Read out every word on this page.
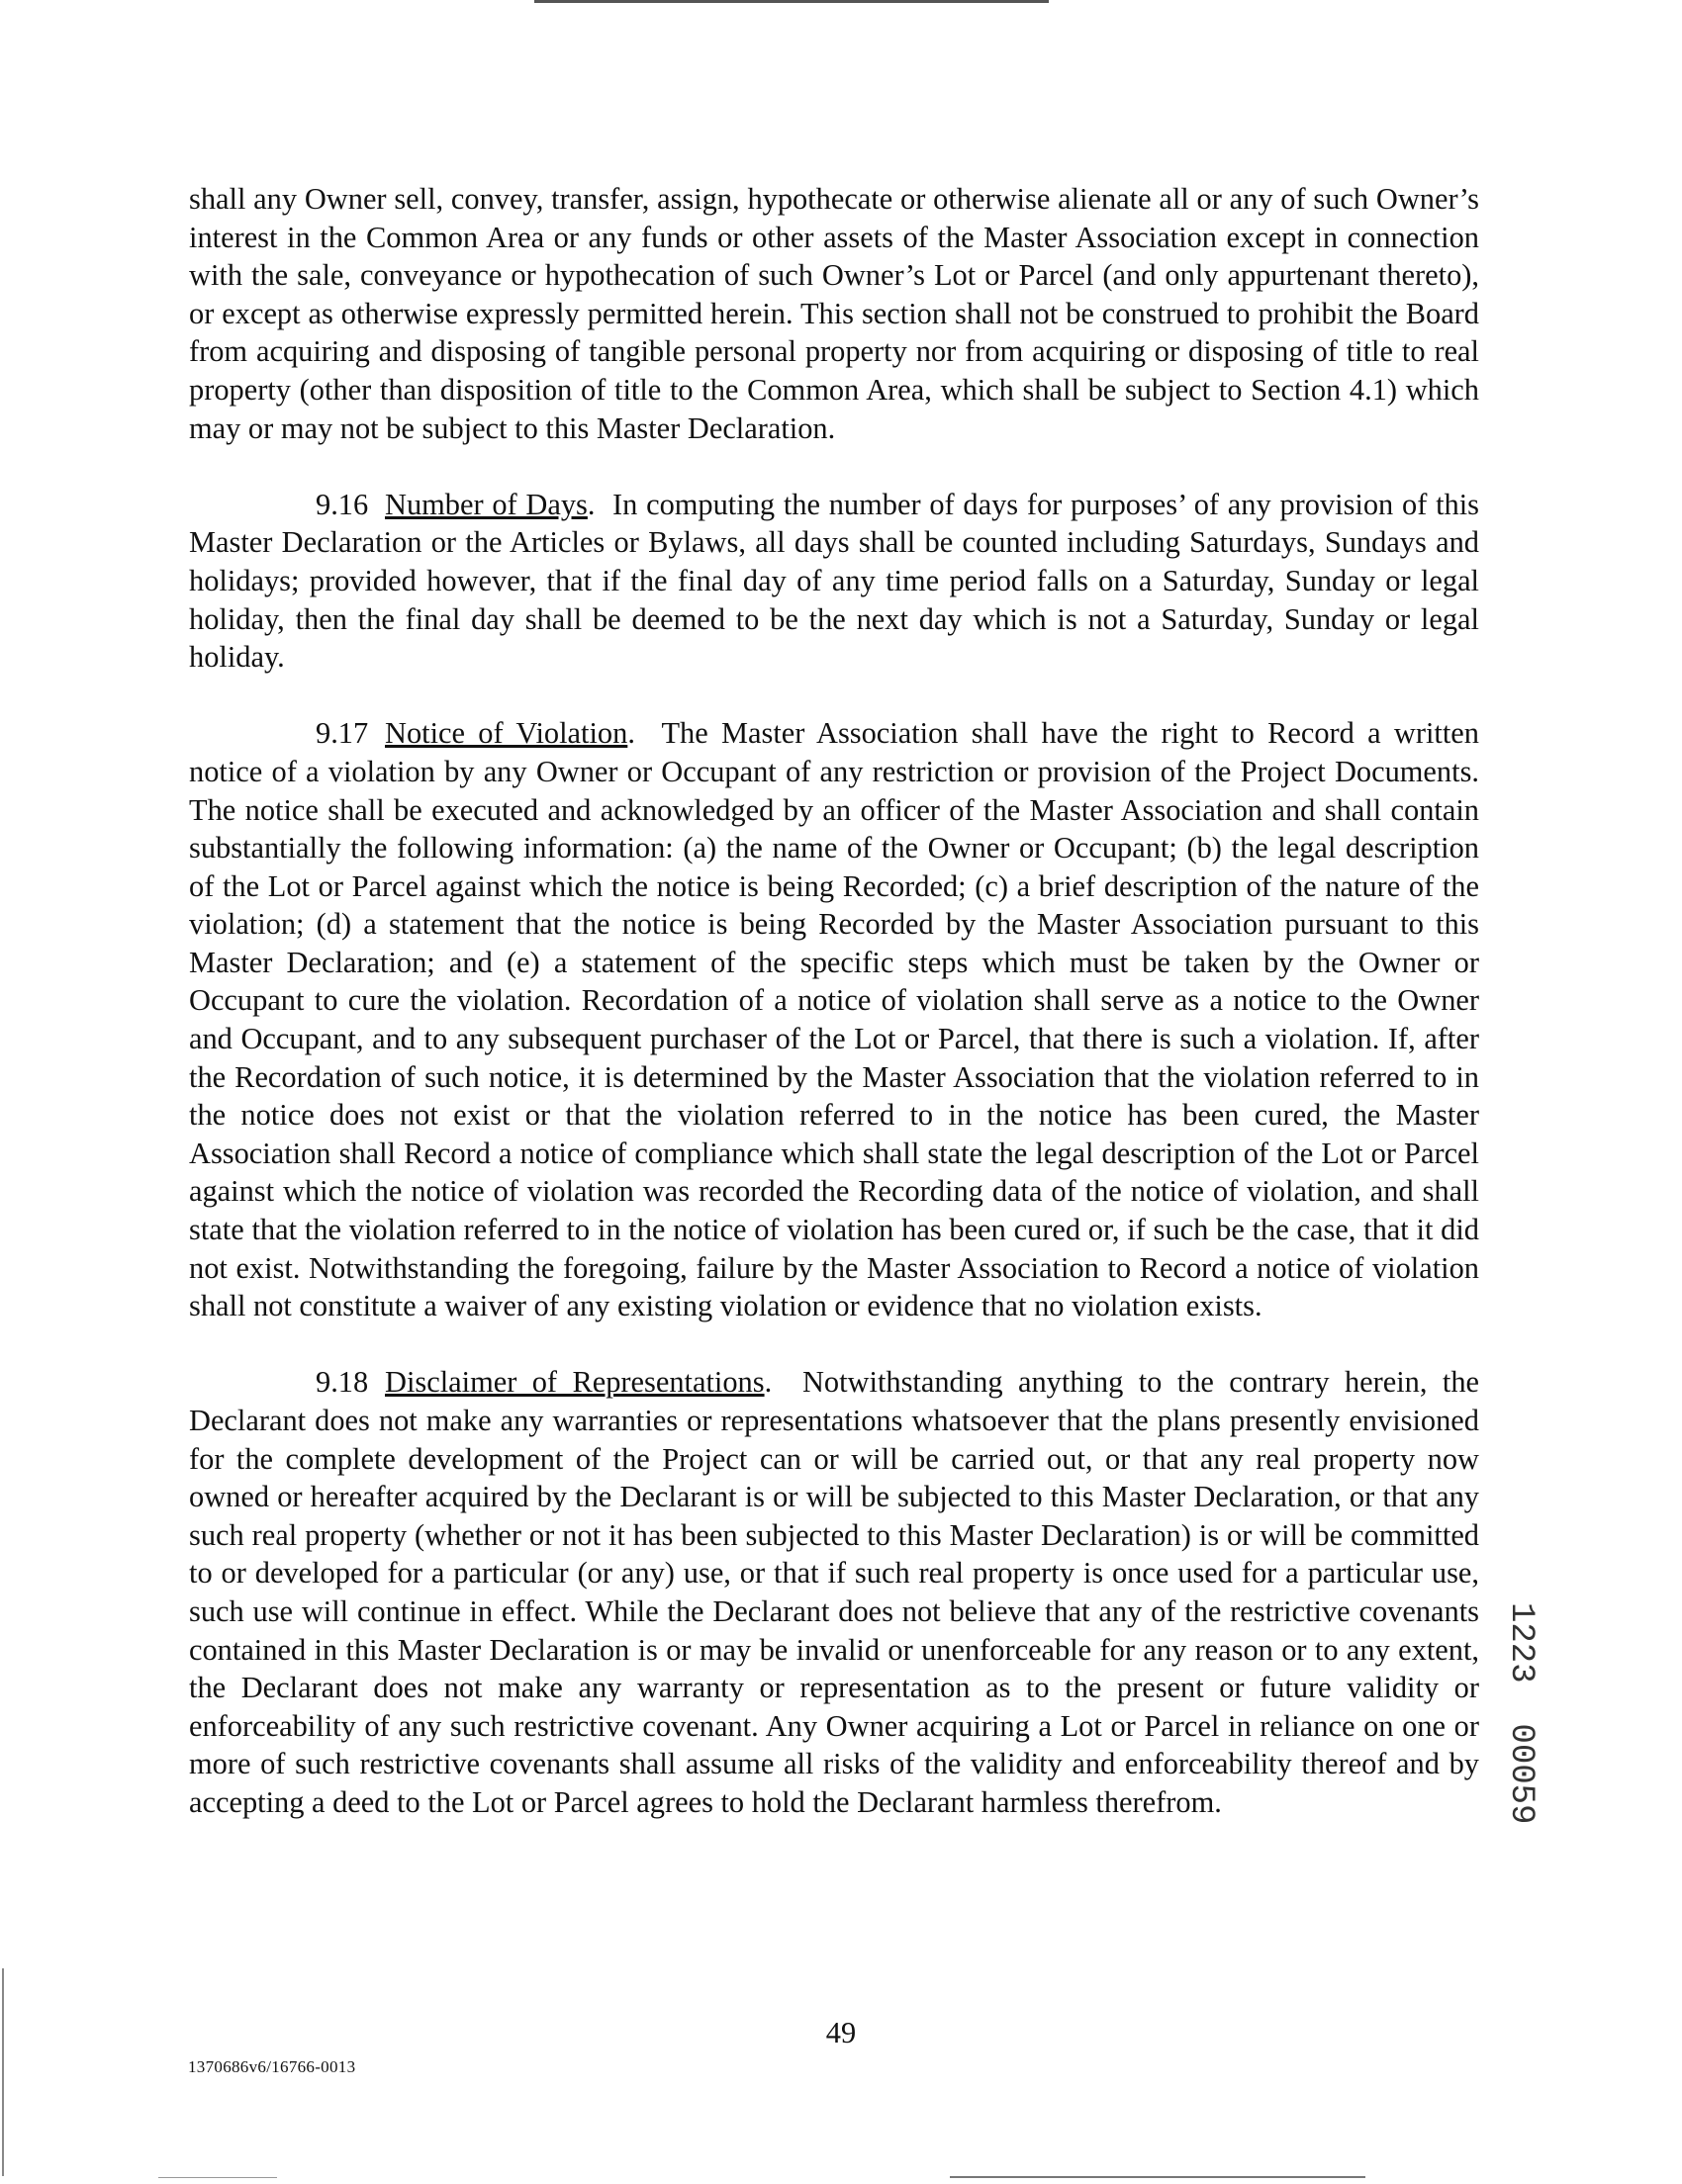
shall any Owner sell, convey, transfer, assign, hypothecate or otherwise alienate all or any of such Owner’s interest in the Common Area or any funds or other assets of the Master Association except in connection with the sale, conveyance or hypothecation of such Owner’s Lot or Parcel (and only appurtenant thereto), or except as otherwise expressly permitted herein. This section shall not be construed to prohibit the Board from acquiring and disposing of tangible personal property nor from acquiring or disposing of title to real property (other than disposition of title to the Common Area, which shall be subject to Section 4.1) which may or may not be subject to this Master Declaration.

9.16 Number of Days.  In computing the number of days for purposes’ of any provision of this Master Declaration or the Articles or Bylaws, all days shall be counted including Saturdays, Sundays and holidays; provided however, that if the final day of any time period falls on a Saturday, Sunday or legal holiday, then the final day shall be deemed to be the next day which is not a Saturday, Sunday or legal holiday.

9.17 Notice of Violation.  The Master Association shall have the right to Record a written notice of a violation by any Owner or Occupant of any restriction or provision of the Project Documents. The notice shall be executed and acknowledged by an officer of the Master Association and shall contain substantially the following information: (a) the name of the Owner or Occupant; (b) the legal description of the Lot or Parcel against which the notice is being Recorded; (c) a brief description of the nature of the violation; (d) a statement that the notice is being Recorded by the Master Association pursuant to this Master Declaration; and (e) a statement of the specific steps which must be taken by the Owner or Occupant to cure the violation. Recordation of a notice of violation shall serve as a notice to the Owner and Occupant, and to any subsequent purchaser of the Lot or Parcel, that there is such a violation. If, after the Recordation of such notice, it is determined by the Master Association that the violation referred to in the notice does not exist or that the violation referred to in the notice has been cured, the Master Association shall Record a notice of compliance which shall state the legal description of the Lot or Parcel against which the notice of violation was recorded the Recording data of the notice of violation, and shall state that the violation referred to in the notice of violation has been cured or, if such be the case, that it did not exist. Notwithstanding the foregoing, failure by the Master Association to Record a notice of violation shall not constitute a waiver of any existing violation or evidence that no violation exists.

9.18 Disclaimer of Representations.  Notwithstanding anything to the contrary herein, the Declarant does not make any warranties or representations whatsoever that the plans presently envisioned for the complete development of the Project can or will be carried out, or that any real property now owned or hereafter acquired by the Declarant is or will be subjected to this Master Declaration, or that any such real property (whether or not it has been subjected to this Master Declaration) is or will be committed to or developed for a particular (or any) use, or that if such real property is once used for a particular use, such use will continue in effect. While the Declarant does not believe that any of the restrictive covenants contained in this Master Declaration is or may be invalid or unenforceable for any reason or to any extent, the Declarant does not make any warranty or representation as to the present or future validity or enforceability of any such restrictive covenant. Any Owner acquiring a Lot or Parcel in reliance on one or more of such restrictive covenants shall assume all risks of the validity and enforceability thereof and by accepting a deed to the Lot or Parcel agrees to hold the Declarant harmless therefrom.	1223  00059
49
1370686v6/16766-0013
